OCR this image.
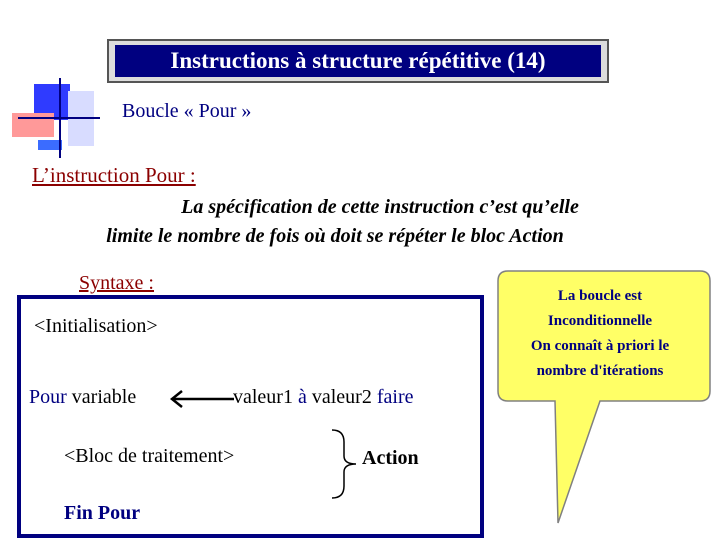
Instructions à structure répétitive (14)
Boucle « Pour »
L’instruction Pour :
La spécification de cette instruction c’est qu’elle
limite le nombre de fois où doit se répéter le bloc Action
Syntaxe :
<Initialisation>
Pour variable	valeur1 à valeur2 faire
<Bloc de traitement>	Action
Fin Pour
La boucle est
Inconditionnelle
On connaît à priori le
nombre d'itérations
